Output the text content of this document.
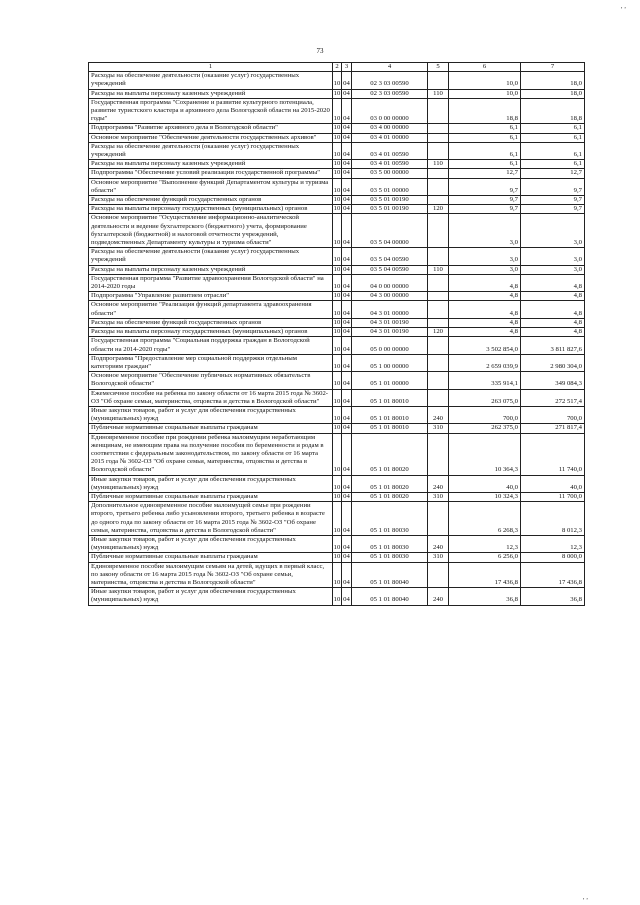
, ,
73
1	2	3	4	5	6	7
Расходы на обеспечение деятельности (оказание услуг) государственных учреждений	10	04	02 3 03 00590		10,0	18,0
Расходы на выплаты персоналу казенных учреждений	10	04	02 3 03 00590	110	10,0	18,0
Государственная программа "Сохранение и развитие культурного потенциала, развитие туристского кластера и архивного дела Вологодской области на 2015-2020 годы"	10	04	03 0 00 00000		18,8	18,8
Подпрограмма "Развитие архивного дела в Вологодской области"	10	04	03 4 00 00000		6,1	6,1
Основное мероприятие "Обеспечение деятельности государственных архивов"	10	04	03 4 01 00000		6,1	6,1
Расходы на обеспечение деятельности (оказание услуг) государственных учреждений	10	04	03 4 01 00590		6,1	6,1
Расходы на выплаты персоналу казенных учреждений	10	04	03 4 01 00590	110	6,1	6,1
Подпрограмма "Обеспечение условий реализации государственной программы"	10	04	03 5 00 00000		12,7	12,7
Основное мероприятие "Выполнение функций Департаментом культуры и туризма области"	10	04	03 5 01 00000		9,7	9,7
Расходы на обеспечение функций государственных органов	10	04	03 5 01 00190		9,7	9,7
Расходы на выплаты персоналу государственных (муниципальных) органов	10	04	03 5 01 00190	120	9,7	9,7
Основное мероприятие "Осуществление информационно-аналитической деятельности и ведение бухгалтерского (бюджетного) учета, формирование бухгалтерской (бюджетной) и налоговой отчетности учреждений, подведомственных Департаменту культуры и туризма области"	10	04	03 5 04 00000		3,0	3,0
Расходы на обеспечение деятельности (оказание услуг) государственных учреждений	10	04	03 5 04 00590		3,0	3,0
Расходы на выплаты персоналу казенных учреждений	10	04	03 5 04 00590	110	3,0	3,0
Государственная программа "Развитие здравоохранения Вологодской области" на 2014-2020 годы	10	04	04 0 00 00000		4,8	4,8
Подпрограмма "Управление развитием отрасли"	10	04	04 3 00 00000		4,8	4,8
Основное мероприятие "Реализация функций департамента здравоохранения области"	10	04	04 3 01 00000		4,8	4,8
Расходы на обеспечение функций государственных органов	10	04	04 3 01 00190		4,8	4,8
Расходы на выплаты персоналу государственных (муниципальных) органов	10	04	04 3 01 00190	120	4,8	4,8
Государственная программа "Социальная поддержка граждан в Вологодской области на 2014-2020 годы"	10	04	05 0 00 00000		3 502 854,0	3 811 827,6
Подпрограмма "Предоставление мер социальной поддержки отдельным категориям граждан"	10	04	05 1 00 00000		2 659 039,9	2 980 304,0
Основное мероприятие "Обеспечение публичных нормативных обязательств Вологодской области"	10	04	05 1 01 00000		335 914,1	349 084,3
Ежемесячное пособие на ребенка по закону области от 16 марта 2015 года № 3602-ОЗ "Об охране семьи, материнства, отцовства и детства в Вологодской области"	10	04	05 1 01 80010		263 075,0	272 517,4
Иные закупки товаров, работ и услуг для обеспечения государственных (муниципальных) нужд	10	04	05 1 01 80010	240	700,0	700,0
Публичные нормативные социальные выплаты гражданам	10	04	05 1 01 80010	310	262 375,0	271 817,4
Единовременное пособие при рождении ребенка малоимущим неработающим женщинам, не имеющим права на получение пособия по беременности и родам в соответствии с федеральным законодательством, по закону области от 16 марта 2015 года № 3602-ОЗ "Об охране семьи, материнства, отцовства и детства в Вологодской области"	10	04	05 1 01 80020		10 364,3	11 740,0
Иные закупки товаров, работ и услуг для обеспечения государственных (муниципальных) нужд	10	04	05 1 01 80020	240	40,0	40,0
Публичные нормативные социальные выплаты гражданам	10	04	05 1 01 80020	310	10 324,3	11 700,0
Дополнительное единовременное пособие малоимущей семье при рождении второго, третьего ребенка либо усыновлении второго, третьего ребенка в возрасте до одного года по закону области от 16 марта 2015 года № 3602-ОЗ "Об охране семьи, материнства, отцовства и детства в Вологодской области"	10	04	05 1 01 80030		6 268,3	8 012,3
Иные закупки товаров, работ и услуг для обеспечения государственных (муниципальных) нужд	10	04	05 1 01 80030	240	12,3	12,3
Публичные нормативные социальные выплаты гражданам	10	04	05 1 01 80030	310	6 256,0	8 000,0
Единовременное пособие малоимущим семьям на детей, идущих в первый класс, по закону области от 16 марта 2015 года № 3602-ОЗ "Об охране семьи, материнства, отцовства и детства в Вологодской области"	10	04	05 1 01 80040		17 436,8	17 436,8
Иные закупки товаров, работ и услуг для обеспечения государственных (муниципальных) нужд	10	04	05 1 01 80040	240	36,8	36,8
, ,
